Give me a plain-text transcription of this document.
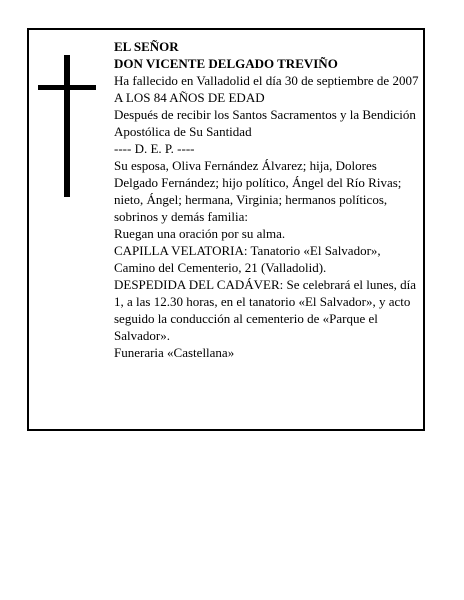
EL SEÑOR

DON VICENTE DELGADO TREVIÑO

Ha fallecido en Valladolid el día 30 de septiembre de 2007

A LOS 84 AÑOS DE EDAD

Después de recibir los Santos Sacramentos y la Bendición Apostólica de Su Santidad

---- D. E. P. ----

Su esposa, Oliva Fernández Álvarez; hija, Dolores Delgado Fernández; hijo político, Ángel del Río Rivas; nieto, Ángel; hermana, Virginia; hermanos políticos, sobrinos y demás familia:

Ruegan una oración por su alma.

CAPILLA VELATORIA: Tanatorio «El Salvador», Camino del Cementerio, 21 (Valladolid).

DESPEDIDA DEL CADÁVER: Se celebrará el lunes, día 1, a las 12.30 horas, en el tanatorio «El Salvador», y acto seguido la conducción al cementerio de «Parque el Salvador».

Funeraria «Castellana»
